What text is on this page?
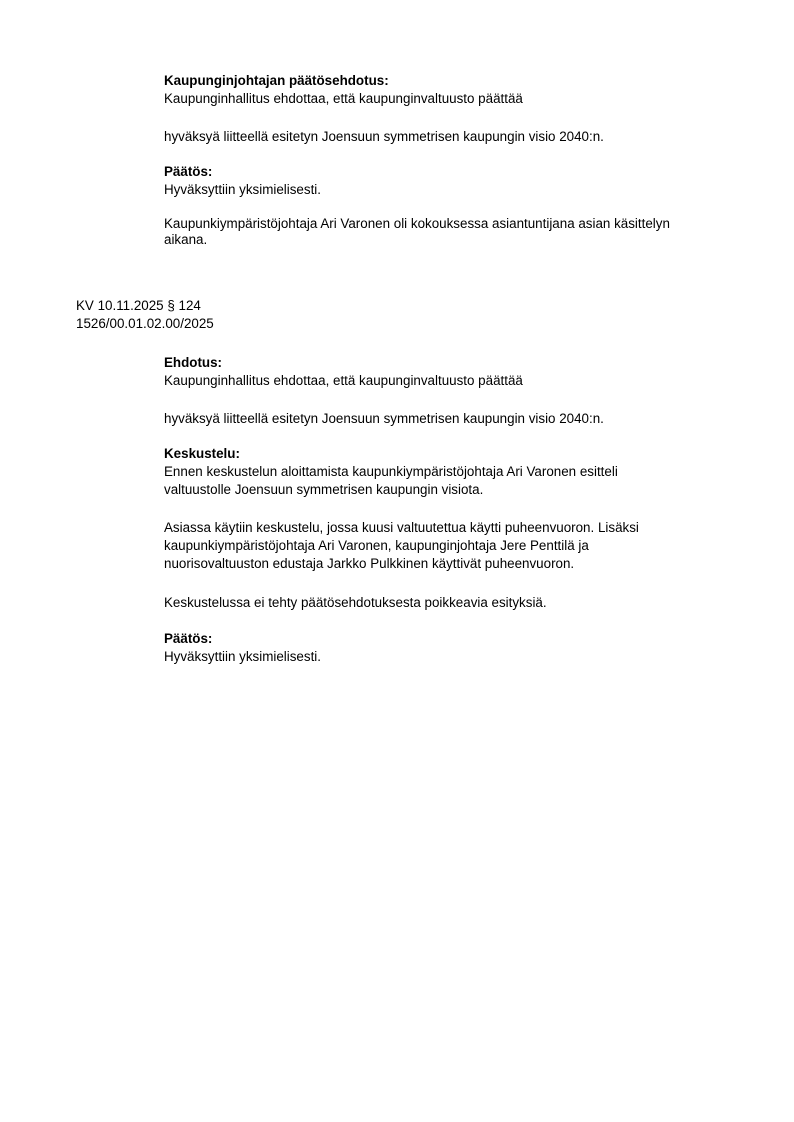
Kaupunginjohtajan päätösehdotus:
Kaupunginhallitus ehdottaa, että kaupunginvaltuusto päättää
hyväksyä liitteellä esitetyn Joensuun symmetrisen kaupungin visio 2040:n.
Päätös:
Hyväksyttiin yksimielisesti.
Kaupunkiympäristöjohtaja Ari Varonen oli kokouksessa asiantuntijana asian käsittelyn
aikana.
KV 10.11.2025 § 124
1526/00.01.02.00/2025
Ehdotus:
Kaupunginhallitus ehdottaa, että kaupunginvaltuusto päättää
hyväksyä liitteellä esitetyn Joensuun symmetrisen kaupungin visio 2040:n.
Keskustelu:
Ennen keskustelun aloittamista kaupunkiympäristöjohtaja Ari Varonen esitteli
valtuustolle Joensuun symmetrisen kaupungin visiota.
Asiassa käytiin keskustelu, jossa kuusi valtuutettua käytti puheenvuoron. Lisäksi
kaupunkiympäristöjohtaja Ari Varonen, kaupunginjohtaja Jere Penttilä ja
nuorisovaltuuston edustaja Jarkko Pulkkinen käyttivät puheenvuoron.
Keskustelussa ei tehty päätösehdotuksesta poikkeavia esityksiä.
Päätös:
Hyväksyttiin yksimielisesti.
